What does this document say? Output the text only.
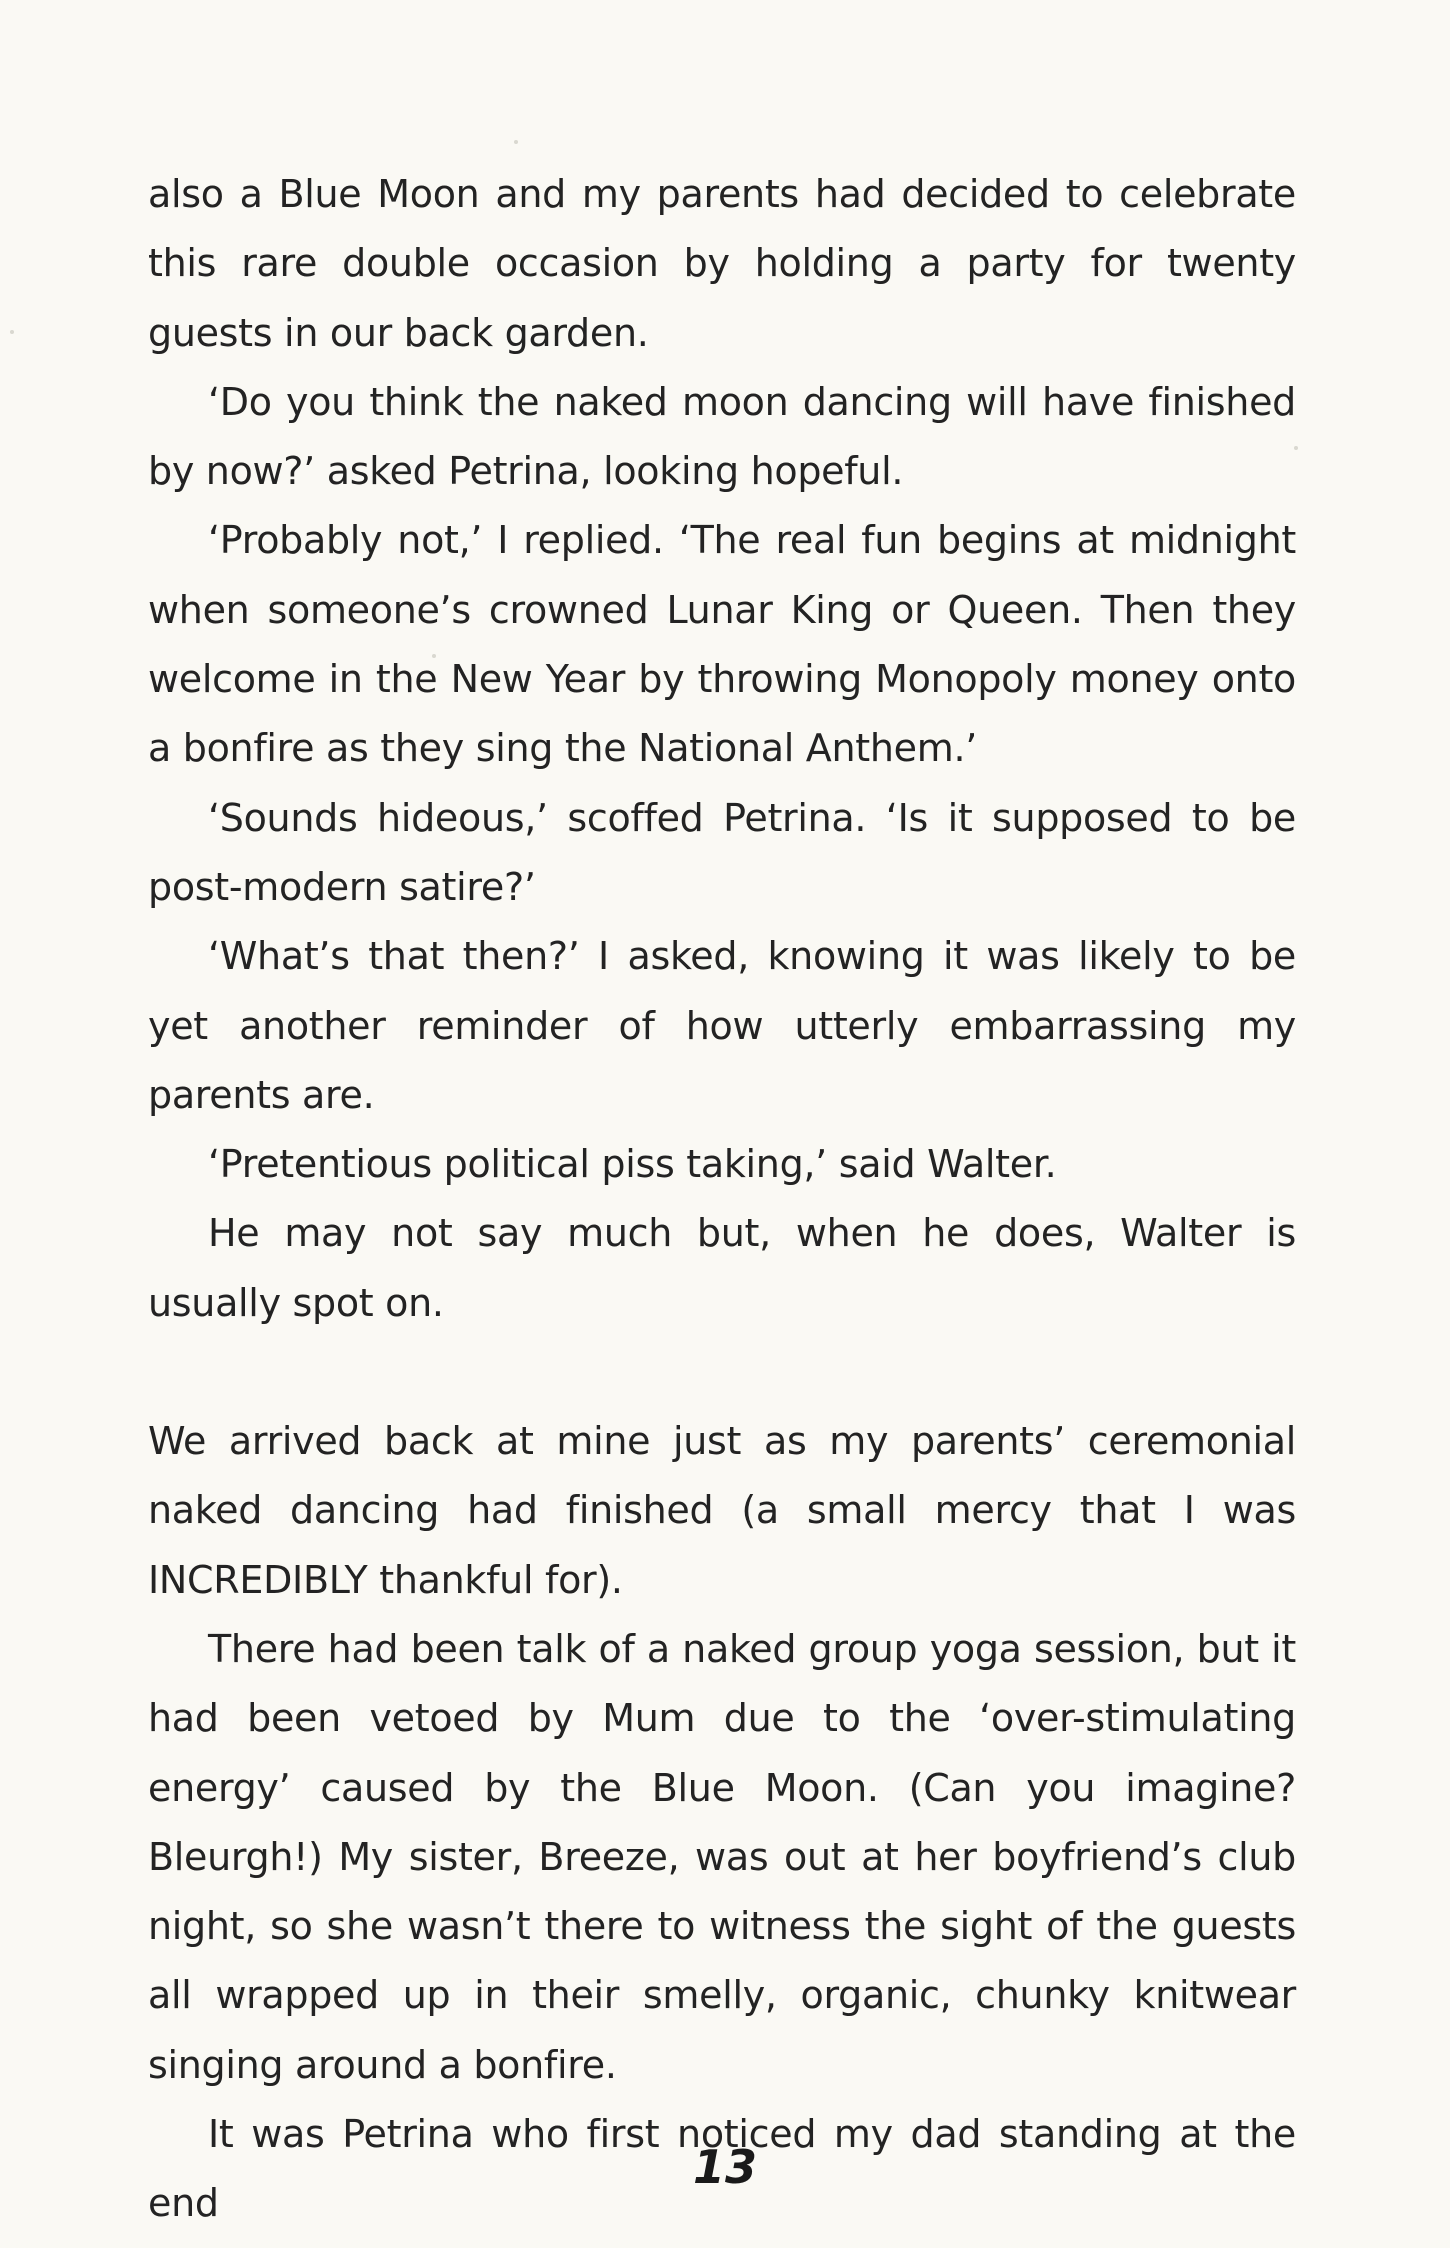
also a Blue Moon and my parents had decided to celebrate this rare double occasion by holding a party for twenty guests in our back garden.

‘Do you think the naked moon dancing will have finished by now?’ asked Petrina, looking hopeful.

‘Probably not,’ I replied. ‘The real fun begins at midnight when someone’s crowned Lunar King or Queen. Then they welcome in the New Year by throwing Monopoly money onto a bonfire as they sing the National Anthem.’

‘Sounds hideous,’ scoffed Petrina. ‘Is it supposed to be post-modern satire?’

‘What’s that then?’ I asked, knowing it was likely to be yet another reminder of how utterly embarrassing my parents are.

‘Pretentious political piss taking,’ said Walter.

He may not say much but, when he does, Walter is usually spot on.

We arrived back at mine just as my parents’ ceremonial naked dancing had finished (a small mercy that I was INCREDIBLY thankful for).

There had been talk of a naked group yoga session, but it had been vetoed by Mum due to the ‘over-stimulating energy’ caused by the Blue Moon. (Can you imagine? Bleurgh!) My sister, Breeze, was out at her boyfriend’s club night, so she wasn’t there to witness the sight of the guests all wrapped up in their smelly, organic, chunky knitwear singing around a bonfire.

It was Petrina who first noticed my dad standing at the end

13
